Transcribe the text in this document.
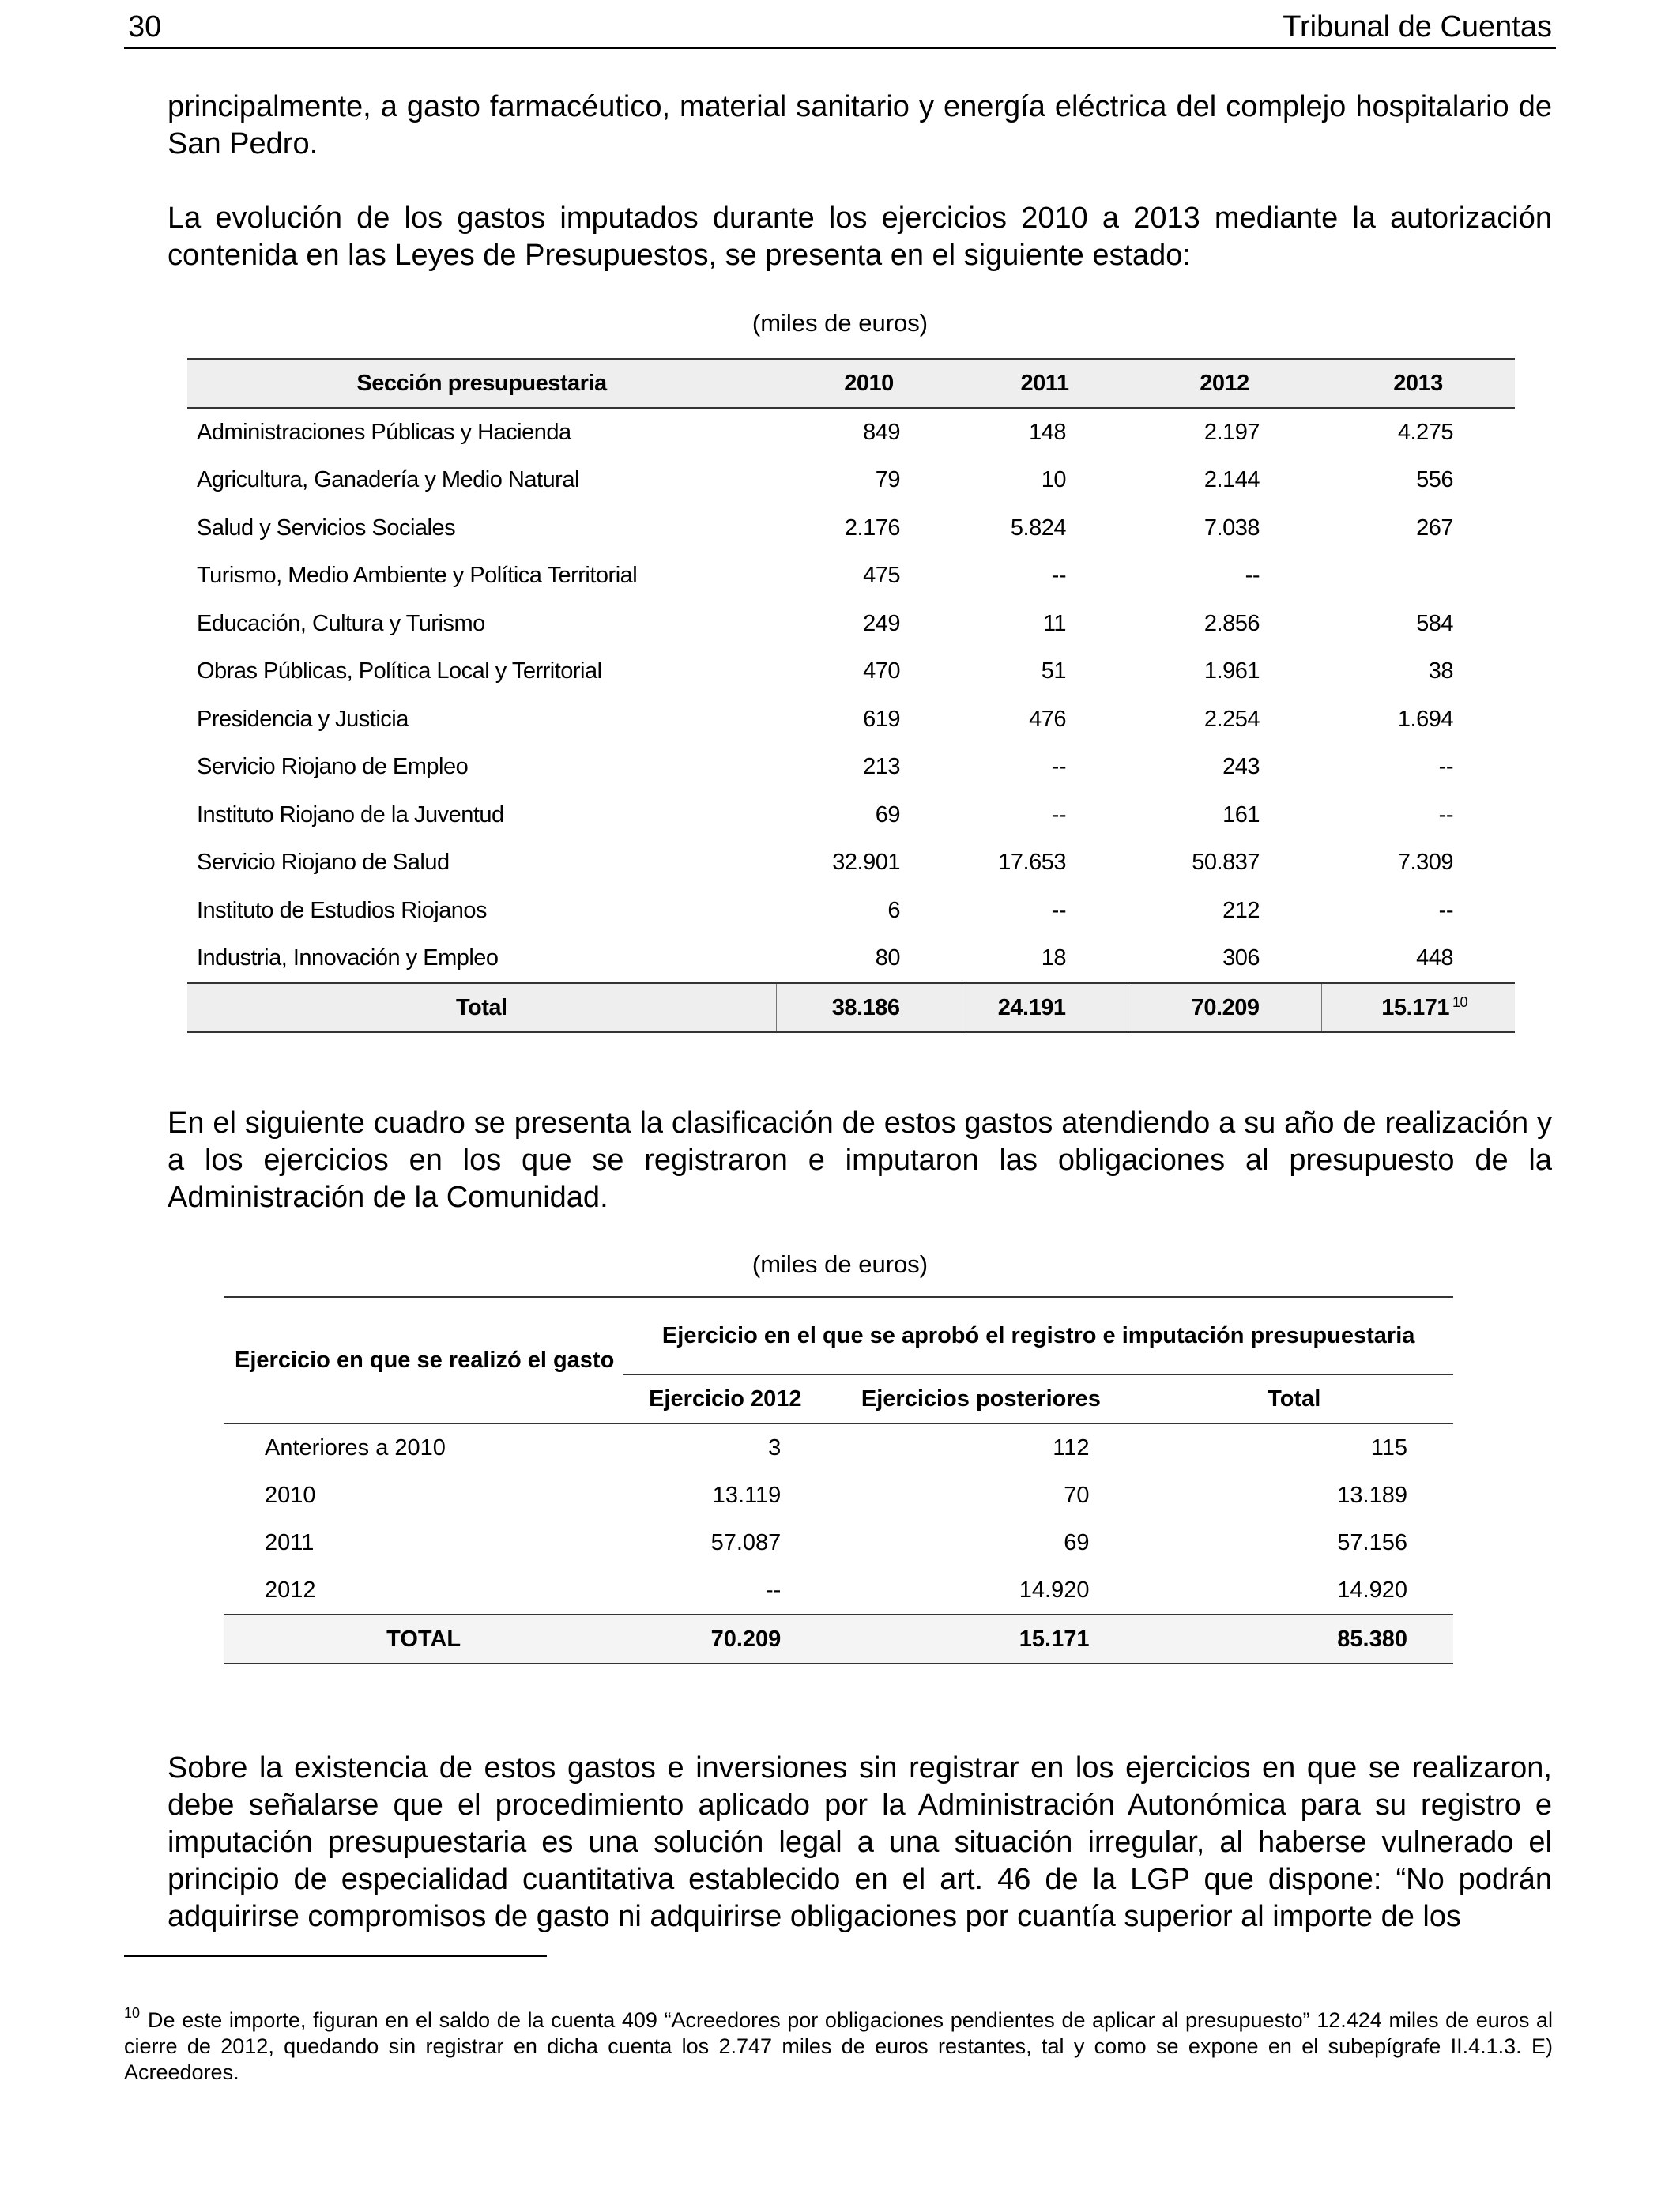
30	Tribunal de Cuentas

principalmente, a gasto farmacéutico, material sanitario y energía eléctrica del complejo hospitalario de San Pedro.

La evolución de los gastos imputados durante los ejercicios 2010 a 2013 mediante la autorización contenida en las Leyes de Presupuestos, se presenta en el siguiente estado:

(miles de euros)
Sección presupuestaria	2010	2011	2012	2013
Administraciones Públicas y Hacienda	849	148	2.197	4.275
Agricultura, Ganadería y Medio Natural	79	10	2.144	556
Salud y Servicios Sociales	2.176	5.824	7.038	267
Turismo, Medio Ambiente y Política Territorial	475	--	--	
Educación, Cultura y Turismo	249	11	2.856	584
Obras Públicas, Política Local y Territorial	470	51	1.961	38
Presidencia y Justicia	619	476	2.254	1.694
Servicio Riojano de Empleo	213	--	243	--
Instituto Riojano de la Juventud	69	--	161	--
Servicio Riojano de Salud	32.901	17.653	50.837	7.309
Instituto de Estudios Riojanos	6	--	212	--
Industria, Innovación y Empleo	80	18	306	448
Total	38.186	24.191	70.209	15.171 $^{10}$

En el siguiente cuadro se presenta la clasificación de estos gastos atendiendo a su año de realización y a los ejercicios en los que se registraron e imputaron las obligaciones al presupuesto de la Administración de la Comunidad.

(miles de euros)
Ejercicio en que se realizó el gasto	Ejercicio en el que se aprobó el registro e imputación presupuestaria		
	Ejercicio 2012	Ejercicios posteriores	Total
Anteriores a 2010	3	112	115
2010	13.119	70	13.189
2011	57.087	69	57.156
2012	--	14.920	14.920
TOTAL	70.209	15.171	85.380

Sobre la existencia de estos gastos e inversiones sin registrar en los ejercicios en que se realizaron, debe señalarse que el procedimiento aplicado por la Administración Autonómica para su registro e imputación presupuestaria es una solución legal a una situación irregular, al haberse vulnerado el principio de especialidad cuantitativa establecido en el art. 46 de la LGP que dispone: “No podrán adquirirse compromisos de gasto ni adquirirse obligaciones por cuantía superior al importe de los

$^{10}$ De este importe, figuran en el saldo de la cuenta 409 “Acreedores por obligaciones pendientes de aplicar al presupuesto” 12.424 miles de euros al cierre de 2012, quedando sin registrar en dicha cuenta los 2.747 miles de euros restantes, tal y como se expone en el subepígrafe II.4.1.3. E) Acreedores.
